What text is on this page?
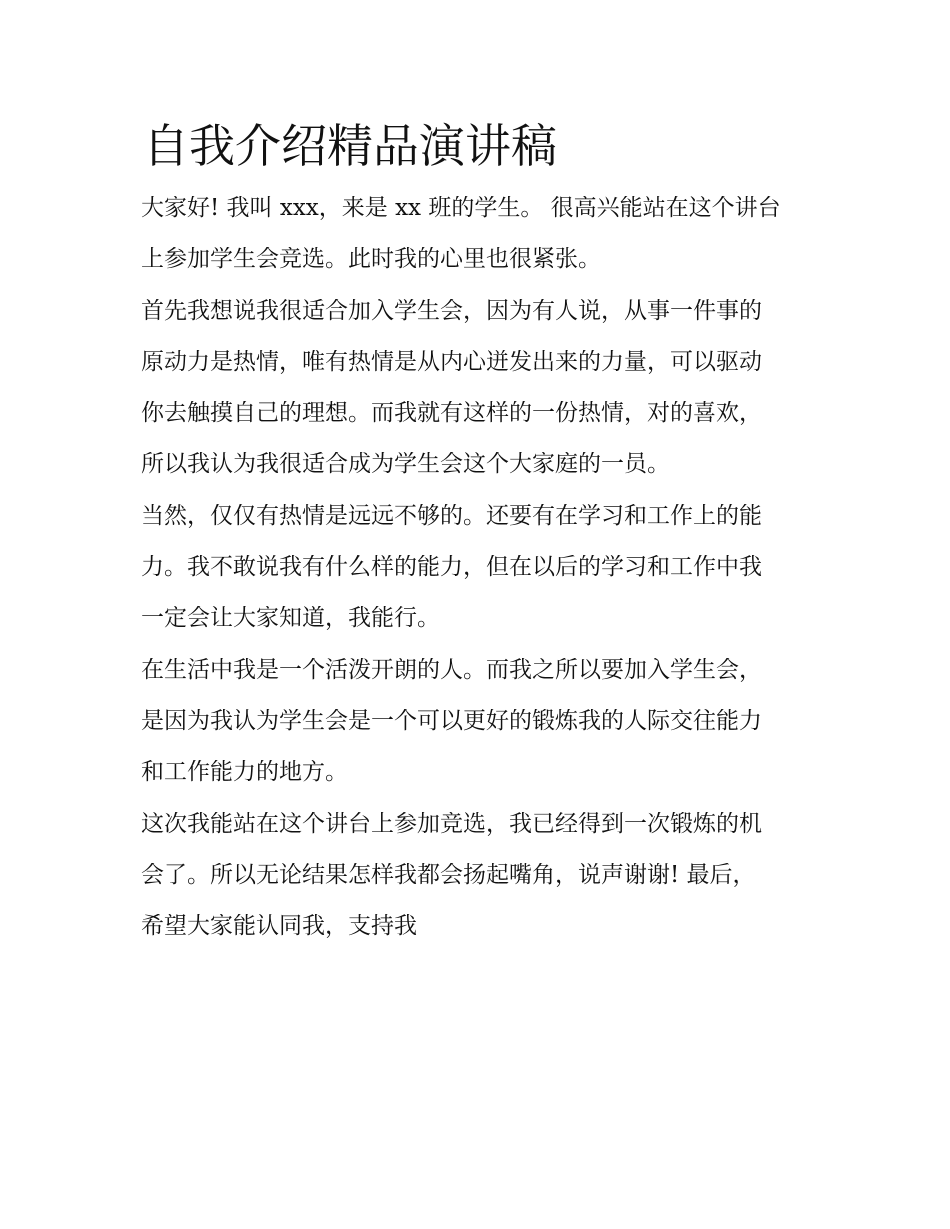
自我介绍精品演讲稿

大家好! 我叫 xxx，来是 xx 班的学生。 很高兴能站在这个讲台

上参加学生会竞选。此时我的心里也很紧张。

首先我想说我很适合加入学生会，因为有人说，从事一件事的

原动力是热情，唯有热情是从内心迸发出来的力量，可以驱动

你去触摸自己的理想。而我就有这样的一份热情，对的喜欢，

所以我认为我很适合成为学生会这个大家庭的一员。

当然，仅仅有热情是远远不够的。还要有在学习和工作上的能

力。我不敢说我有什么样的能力，但在以后的学习和工作中我

一定会让大家知道，我能行。

在生活中我是一个活泼开朗的人。而我之所以要加入学生会，

是因为我认为学生会是一个可以更好的锻炼我的人际交往能力

和工作能力的地方。

这次我能站在这个讲台上参加竞选，我已经得到一次锻炼的机

会了。所以无论结果怎样我都会扬起嘴角，说声谢谢! 最后，

希望大家能认同我，支持我
